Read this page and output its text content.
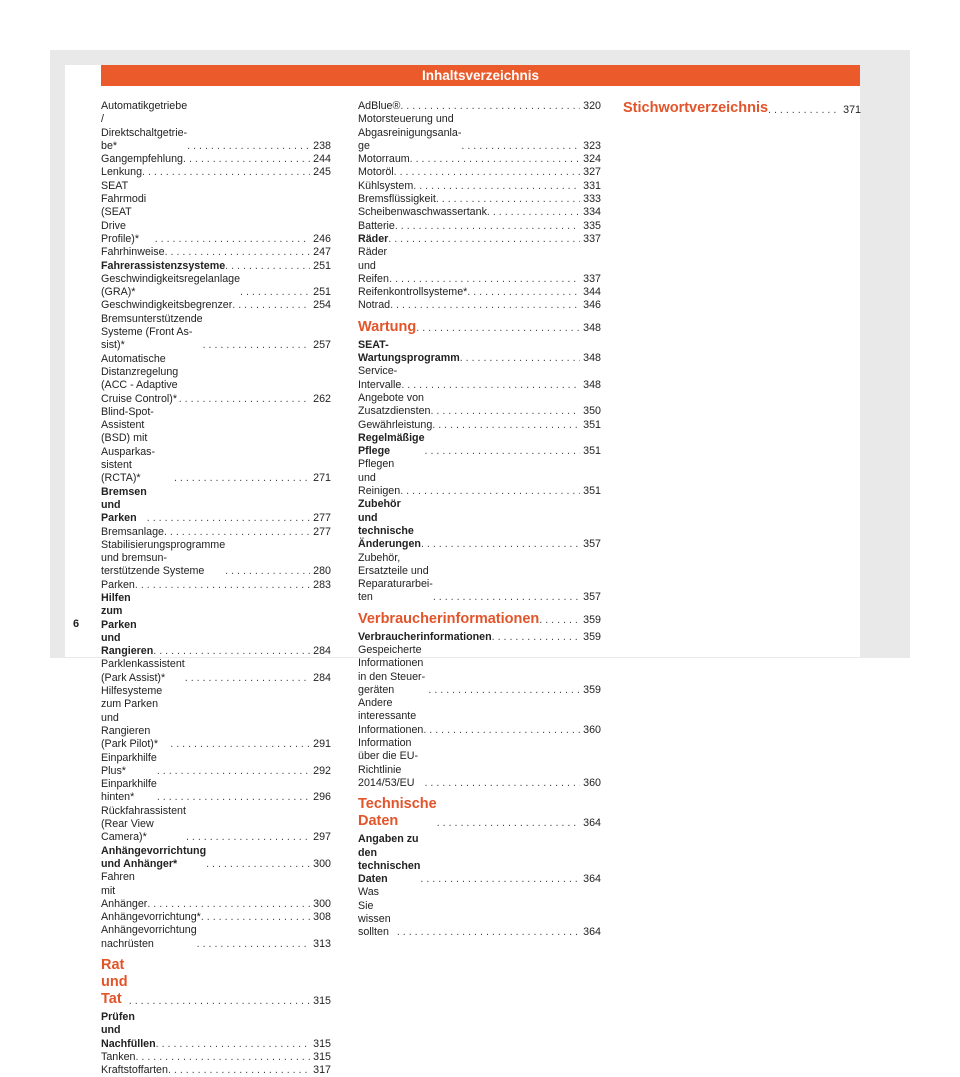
Inhaltsverzeichnis
6
Automatikgetriebe / Direktschaltgetrie-be* . . .	238
Gangempfehlung . . .	244
Lenkung . . .	245
SEAT Fahrmodi (SEAT Drive Profile)* . . .	246
Fahrhinweise . . .	247
Fahrerassistenzsysteme . . .	251
Geschwindigkeitsregelanlage (GRA)* . . .	251
Geschwindigkeitsbegrenzer . . .	254
Bremsunterstützende Systeme (Front As-sist)* . . .	257
Automatische Distanzregelung (ACC - Adaptive Cruise Control)* . . .	262
Blind-Spot-Assistent (BSD) mit Ausparkas-sistent (RCTA)* . . .	271
Bremsen und Parken . . .	277
Bremsanlage . . .	277
Stabilisierungsprogramme und bremsun-terstützende Systeme . . .	280
Parken . . .	283
Hilfen zum Parken und Rangieren . . .	284
Parklenkassistent (Park Assist)* . . .	284
Hilfesysteme zum Parken und Rangieren (Park Pilot)* . . .	291
Einparkhilfe Plus* . . .	292
Einparkhilfe hinten* . . .	296
Rückfahrassistent (Rear View Camera)* . . .	297
Anhängevorrichtung und Anhänger* . . .	300
Fahren mit Anhänger . . .	300
Anhängevorrichtung* . . .	308
Anhängevorrichtung nachrüsten . . .	313
Rat und Tat . . .	315
Prüfen und Nachfüllen . . .	315
Tanken . . .	315
Kraftstoffarten . . .	317
AdBlue® . . .	320
Motorsteuerung und Abgasreinigungsanla-ge . . .	323
Motorraum . . .	324
Motoröl . . .	327
Kühlsystem . . .	331
Bremsflüssigkeit . . .	333
Scheibenwaschwassertank . . .	334
Batterie . . .	335
Räder . . .	337
Räder und Reifen . . .	337
Reifenkontrollsysteme* . . .	344
Notrad . . .	346
Wartung . . .	348
SEAT-Wartungsprogramm . . .	348
Service-Intervalle . . .	348
Angebote von Zusatzdiensten . . .	350
Gewährleistung . . .	351
Regelmäßige Pflege . . .	351
Pflegen und Reinigen . . .	351
Zubehör und technische Änderungen . . .	357
Zubehör, Ersatzteile und Reparaturarbei-ten . . .	357
Verbraucherinformationen . . .	359
Verbraucherinformationen . . .	359
Gespeicherte Informationen in den Steuer-geräten . . .	359
Andere interessante Informationen . . .	360
Information über die EU-Richtlinie 2014/53/EU . . .	360
Technische Daten . . .	364
Angaben zu den technischen Daten . . .	364
Was Sie wissen sollten . . .	364
Stichwortverzeichnis . . .	371
